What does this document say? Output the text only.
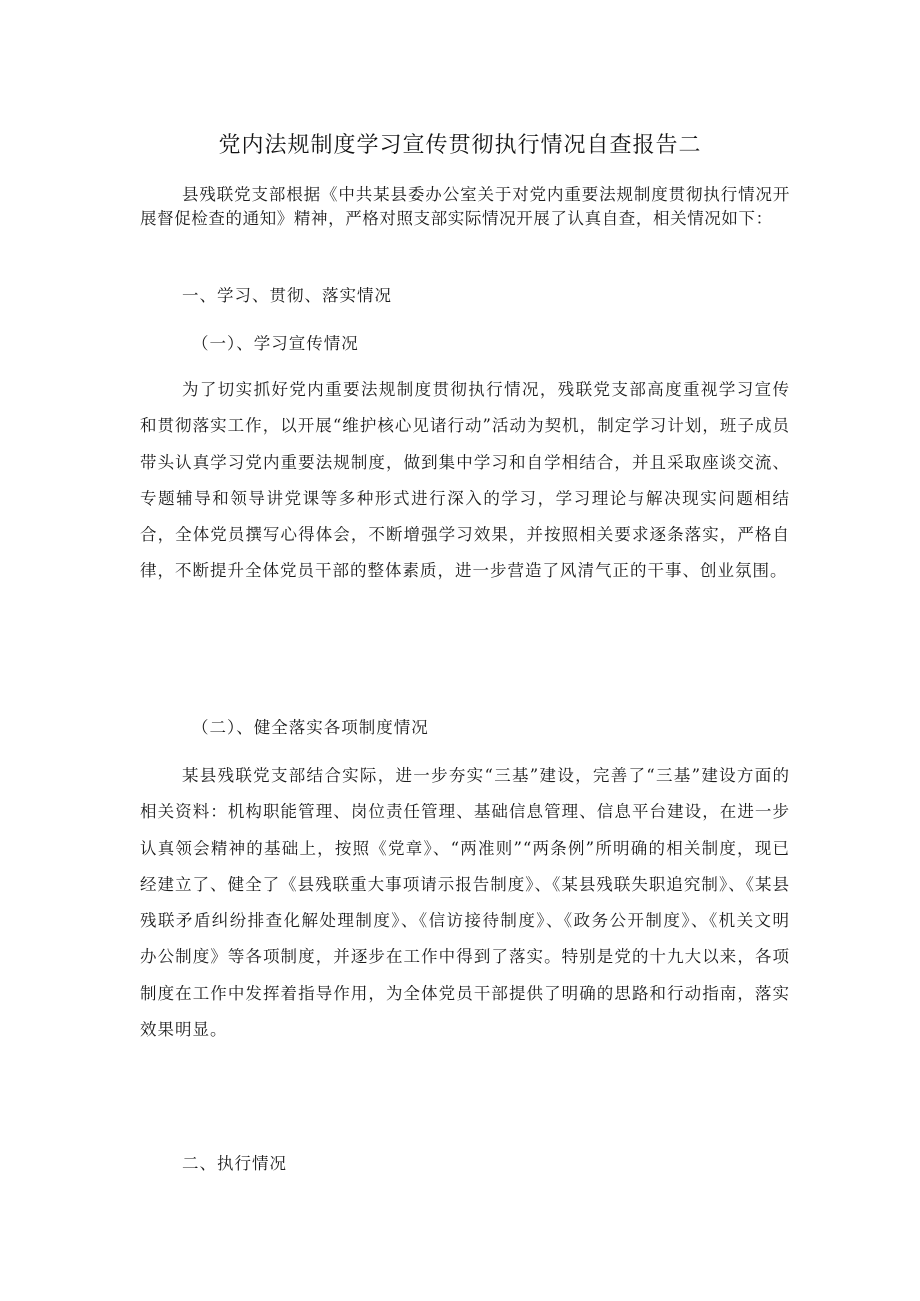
党内法规制度学习宣传贯彻执行情况自查报告二

县残联党支部根据《中共某县委办公室关于对党内重要法规制度贯彻执行情况开展督促检查的通知》精神，严格对照支部实际情况开展了认真自查，相关情况如下：

一、学习、贯彻、落实情况
（一）、学习宣传情况

为了切实抓好党内重要法规制度贯彻执行情况，残联党支部高度重视学习宣传和贯彻落实工作，以开展“维护核心见诸行动”活动为契机，制定学习计划，班子成员带头认真学习党内重要法规制度，做到集中学习和自学相结合，并且采取座谈交流、专题辅导和领导讲党课等多种形式进行深入的学习，学习理论与解决现实问题相结合，全体党员撰写心得体会，不断增强学习效果，并按照相关要求逐条落实，严格自律，不断提升全体党员干部的整体素质，进一步营造了风清气正的干事、创业氛围。

（二）、健全落实各项制度情况

某县残联党支部结合实际，进一步夯实“三基”建设，完善了“三基”建设方面的相关资料：机构职能管理、岗位责任管理、基础信息管理、信息平台建设，在进一步认真领会精神的基础上，按照《党章》、“两准则”“两条例”所明确的相关制度，现已经建立了、健全了《县残联重大事项请示报告制度》、《某县残联失职追究制》、《某县残联矛盾纠纷排查化解处理制度》、《信访接待制度》、《政务公开制度》、《机关文明办公制度》等各项制度，并逐步在工作中得到了落实。特别是党的十九大以来，各项制度在工作中发挥着指导作用，为全体党员干部提供了明确的思路和行动指南，落实效果明显。

二、执行情况
